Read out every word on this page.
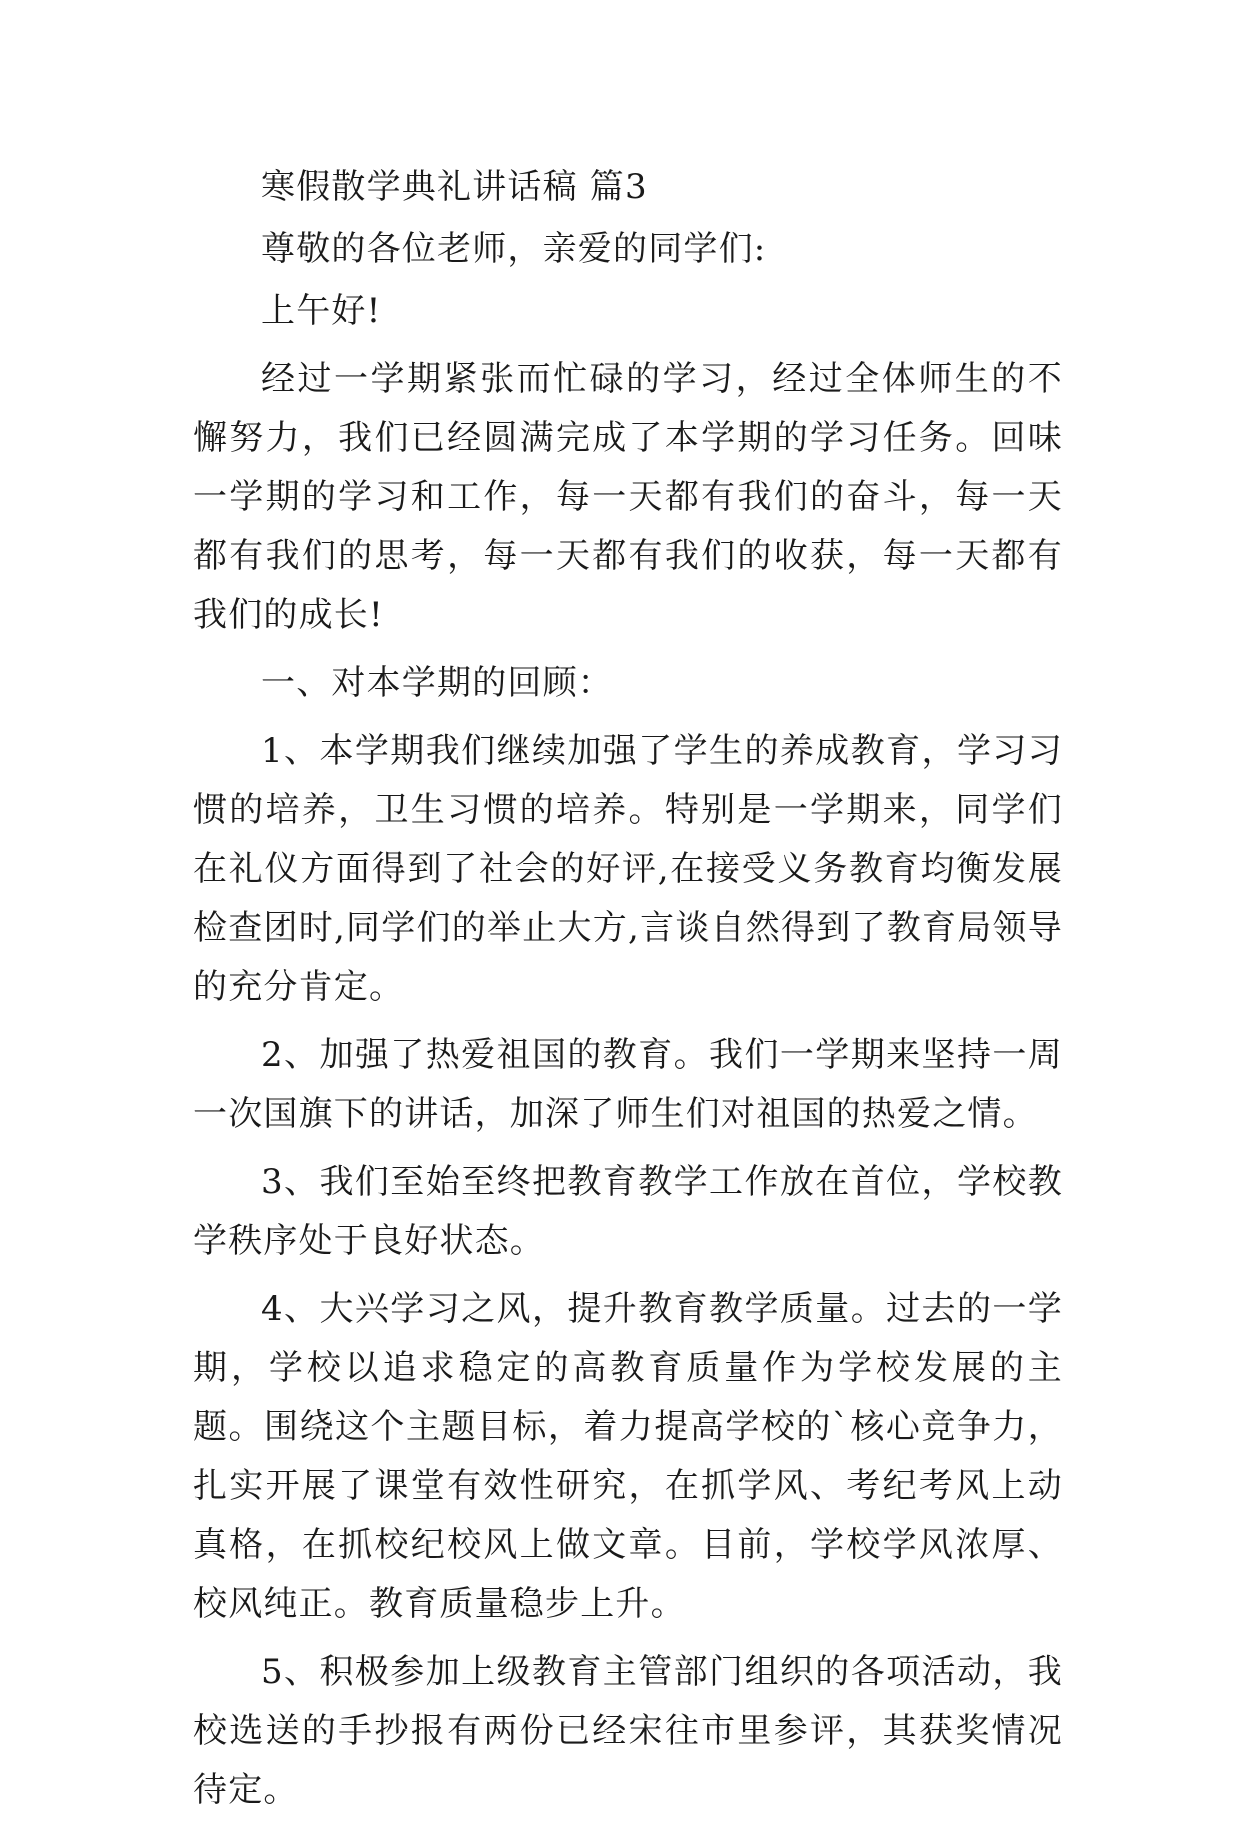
寒假散学典礼讲话稿 篇3

尊敬的各位老师，亲爱的同学们:

上午好!

经过一学期紧张而忙碌的学习，经过全体师生的不懈努力，我们已经圆满完成了本学期的学习任务。回味一学期的学习和工作，每一天都有我们的奋斗，每一天都有我们的思考，每一天都有我们的收获，每一天都有我们的成长!

一、对本学期的回顾：

1、本学期我们继续加强了学生的养成教育，学习习惯的培养，卫生习惯的培养。特别是一学期来，同学们在礼仪方面得到了社会的好评,在接受义务教育均衡发展检查团时,同学们的举止大方,言谈自然得到了教育局领导的充分肯定。

2、加强了热爱祖国的教育。我们一学期来坚持一周一次国旗下的讲话，加深了师生们对祖国的热爱之情。

3、我们至始至终把教育教学工作放在首位，学校教学秩序处于良好状态。

4、大兴学习之风，提升教育教学质量。过去的一学期，学校以追求稳定的高教育质量作为学校发展的主题。围绕这个主题目标，着力提高学校的`核心竞争力，扎实开展了课堂有效性研究，在抓学风、考纪考风上动真格，在抓校纪校风上做文章。目前，学校学风浓厚、校风纯正。教育质量稳步上升。

5、积极参加上级教育主管部门组织的各项活动，我校选送的手抄报有两份已经宋往市里参评，其获奖情况待定。
